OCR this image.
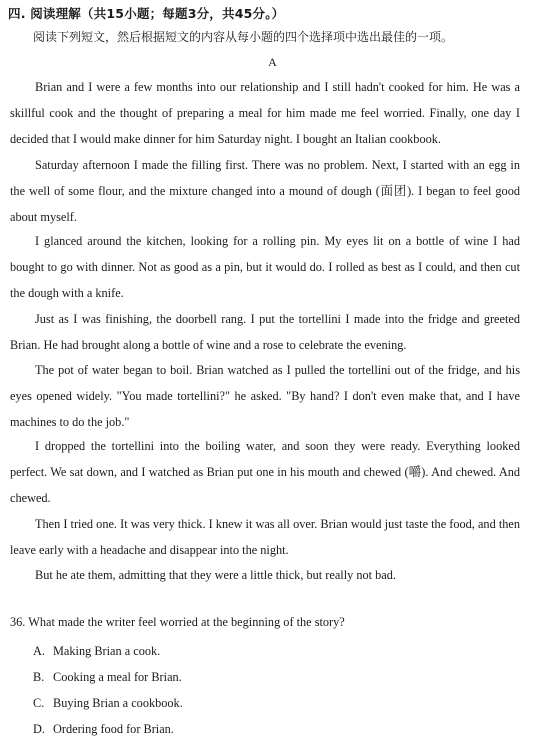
四. 阅读理解（共15小题；每题3分，共45分。）
阅读下列短文，然后根据短文的内容从每小题的四个选择项中选出最佳的一项。
A

Brian and I were a few months into our relationship and I still hadn't cooked for him. He was a skillful cook and the thought of preparing a meal for him made me feel worried. Finally, one day I decided that I would make dinner for him Saturday night. I bought an Italian cookbook.

Saturday afternoon I made the filling first. There was no problem. Next, I started with an egg in the well of some flour, and the mixture changed into a mound of dough (面团). I began to feel good about myself.

I glanced around the kitchen, looking for a rolling pin. My eyes lit on a bottle of wine I had bought to go with dinner. Not as good as a pin, but it would do. I rolled as best as I could, and then cut the dough with a knife.

Just as I was finishing, the doorbell rang. I put the tortellini I made into the fridge and greeted Brian. He had brought along a bottle of wine and a rose to celebrate the evening.

The pot of water began to boil. Brian watched as I pulled the tortellini out of the fridge, and his eyes opened widely. "You made tortellini?" he asked. "By hand? I don't even make that, and I have machines to do the job."

I dropped the tortellini into the boiling water, and soon they were ready. Everything looked perfect. We sat down, and I watched as Brian put one in his mouth and chewed (嚼). And chewed. And chewed.

Then I tried one. It was very thick. I knew it was all over. Brian would just taste the food, and then leave early with a headache and disappear into the night.

But he ate them, admitting that they were a little thick, but really not bad.

36. What made the writer feel worried at the beginning of the story?
A. Making Brian a cook.
B. Cooking a meal for Brian.
C. Buying Brian a cookbook.
D. Ordering food for Brian.
